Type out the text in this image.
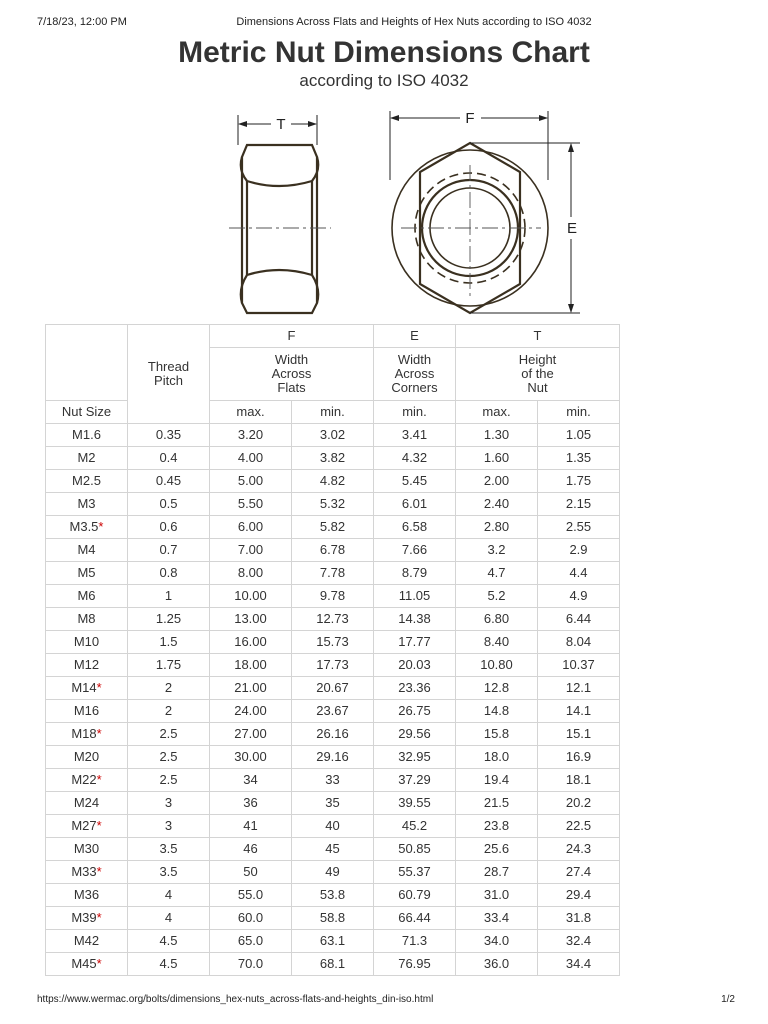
7/18/23, 12:00 PM	Dimensions Across Flats and Heights of Hex Nuts according to ISO 4032
Metric Nut Dimensions Chart
according to ISO 4032
T	F
E

	Thread Pitch	F		E	T	

		Width Across Flats		Width Across Corners	Height of the Nut	

Nut Size		max.	min.	min.	max.	min.
M1.6	0.35	3.20	3.02	3.41	1.30	1.05
M2	0.4	4.00	3.82	4.32	1.60	1.35
M2.5	0.45	5.00	4.82	5.45	2.00	1.75
M3	0.5	5.50	5.32	6.01	2.40	2.15
M3.5*	0.6	6.00	5.82	6.58	2.80	2.55
M4	0.7	7.00	6.78	7.66	3.2	2.9
M5	0.8	8.00	7.78	8.79	4.7	4.4
M6	1	10.00	9.78	11.05	5.2	4.9
M8	1.25	13.00	12.73	14.38	6.80	6.44
M10	1.5	16.00	15.73	17.77	8.40	8.04
M12	1.75	18.00	17.73	20.03	10.80	10.37
M14*	2	21.00	20.67	23.36	12.8	12.1
M16	2	24.00	23.67	26.75	14.8	14.1
M18*	2.5	27.00	26.16	29.56	15.8	15.1
M20	2.5	30.00	29.16	32.95	18.0	16.9
M22*	2.5	34	33	37.29	19.4	18.1
M24	3	36	35	39.55	21.5	20.2
M27*	3	41	40	45.2	23.8	22.5
M30	3.5	46	45	50.85	25.6	24.3
M33*	3.5	50	49	55.37	28.7	27.4
M36	4	55.0	53.8	60.79	31.0	29.4
M39*	4	60.0	58.8	66.44	33.4	31.8
M42	4.5	65.0	63.1	71.3	34.0	32.4
M45*	4.5	70.0	68.1	76.95	36.0	34.4
https://www.wermac.org/bolts/dimensions_hex-nuts_across-flats-and-heights_din-iso.html	1/2
